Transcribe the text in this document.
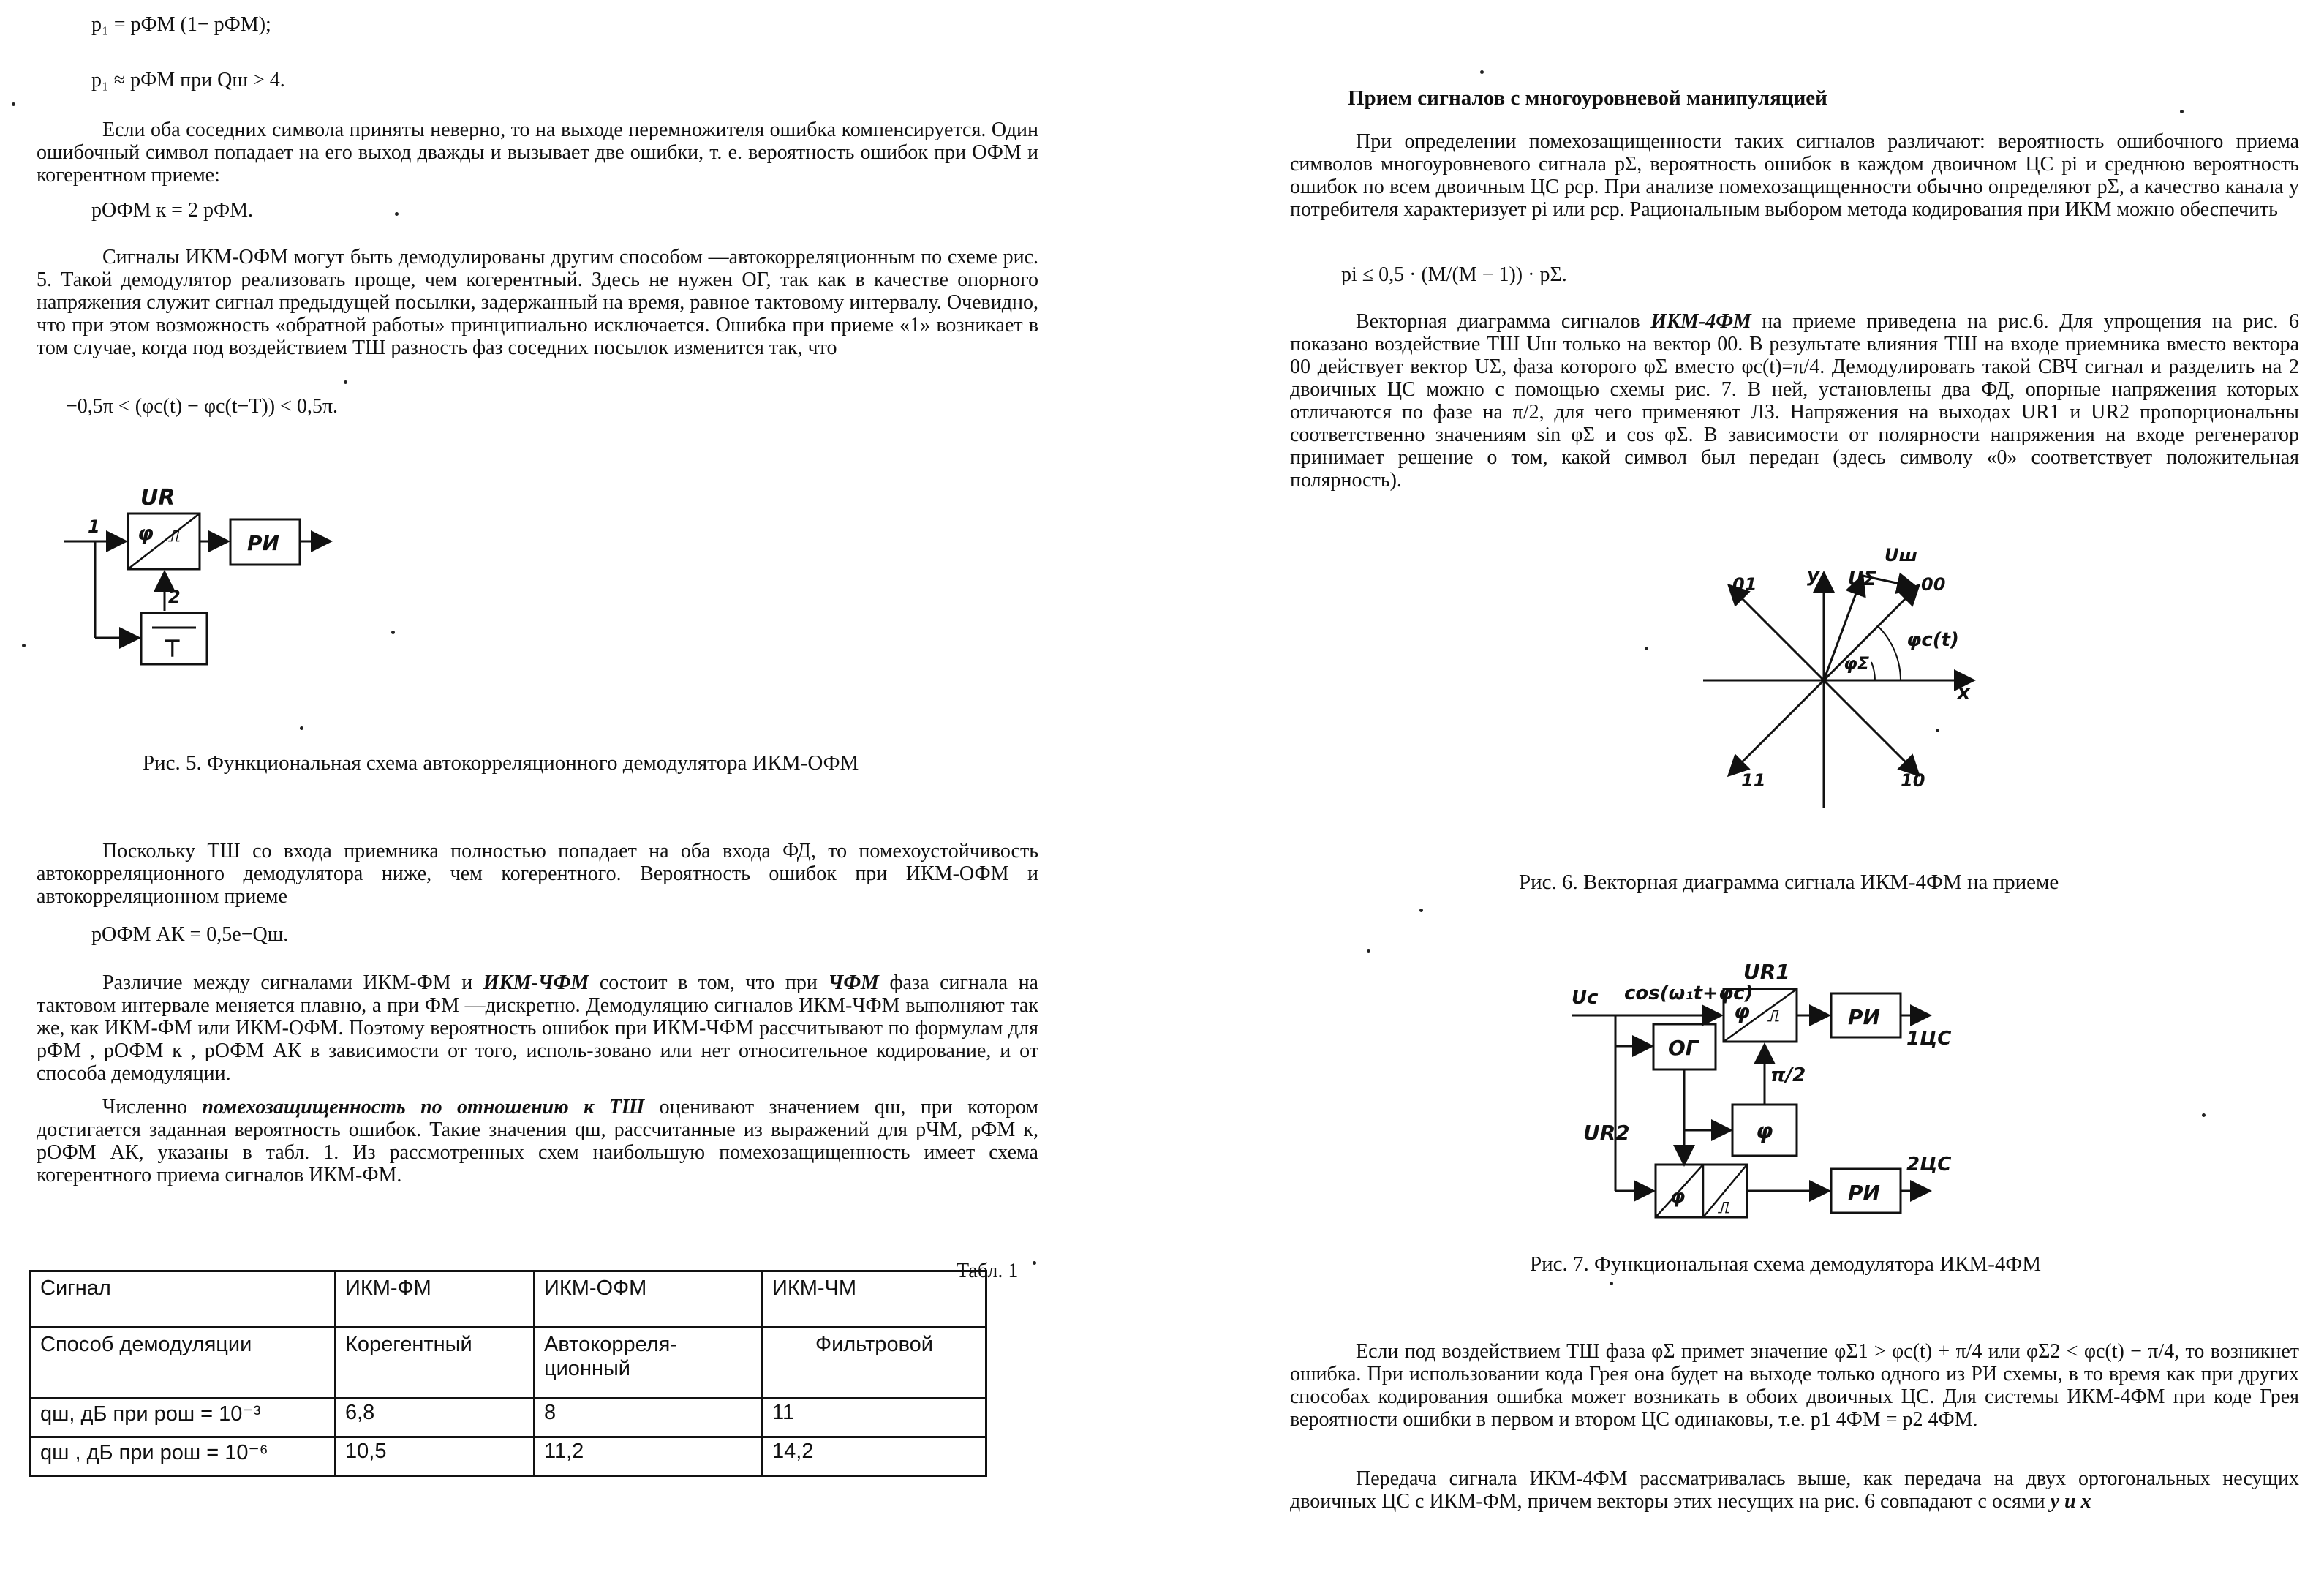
p₁ = pФМ (1− pФМ);

p₁ ≈ pФМ при Qш > 4.

Если оба соседних символа приняты неверно, то на выходе перемножителя ошибка компенсируется. Один ошибочный символ попадает на его выход дважды и вызывает две ошибки, т. е. вероятность ошибок при ОФМ и когерентном приеме:

pОФМ к = 2 pФМ.

Сигналы ИКМ-ОФМ могут быть демодулированы другим способом —автокорреляционным по схеме рис. 5. Такой демодулятор реализовать проще, чем когерентный. Здесь не нужен ОГ, так как в качестве опорного напряжения служит сигнал предыдущей посылки, задержанный на время, равное тактовому интервалу. Очевидно, что при этом возможность «обратной работы» принципиально исключается. Ошибка при приеме «1» возникает в том случае, когда под воздействием ТШ разность фаз соседних посылок изменится так, что

−0,5π < (φc(t) − φc(t−T)) < 0,5π.

UR
1 φ ⎍	РИ
2
T

Рис. 5. Функциональная схема автокорреляционного демодулятора ИКМ-ОФМ

Поскольку ТШ со входа приемника полностью попадает на оба входа ФД, то помехоустойчивость автокорреляционного демодулятора ниже, чем когерентного. Вероятность ошибок при ИКМ-ОФМ и автокорреляционном приеме

pОФМ АК = 0,5e−Qш.

Различие между сигналами ИКМ-ФМ и ИКМ-ЧФМ состоит в том, что при ЧФМ фаза сигнала на тактовом интервале меняется плавно, а при ФМ —дискретно. Демодуляцию сигналов ИКМ-ЧФМ выполняют так же, как ИКМ-ФМ или ИКМ-ОФМ. Поэтому вероятность ошибок при ИКМ-ЧФМ рассчитывают по формулам для pФМ , pОФМ к , pОФМ АК в зависимости от того, исполь-зовано или нет относительное кодирование, и от способа демодуляции.

Численно помехозащищенность по отношению к ТШ оценивают значением qш, при котором достигается заданная вероятность ошибок. Такие значения qш, рассчитанные из выражений для pЧМ, pФМ к, pОФМ АК, указаны в табл. 1. Из рассмотренных схем наибольшую помехозащищенность имеет схема когерентного приема сигналов ИКМ-ФМ.

Табл. 1
Сигнал	ИКМ-ФМ	ИКМ-ОФМ	ИКМ-ЧМ
Способ демодуляции	Корегентный	Автокорреля-ционный	Фильтровой
qш, дБ при pош = 10⁻³	6,8	8	11
qш , дБ при pош = 10⁻⁶	10,5	11,2	14,2

Прием сигналов с многоуровневой манипуляцией

При определении помехозащищенности таких сигналов различают: вероятность ошибочного приема символов многоуровневого сигнала pΣ, вероятность ошибок в каждом двоичном ЦС pi и среднюю вероятность ошибок по всем двоичным ЦС pср. При анализе помехозащищенности обычно определяют pΣ, а качество канала у потребителя характеризует pi или pср. Рациональным выбором метода кодирования при ИКМ можно обеспечить

pi ≤ 0,5 · (M/(M − 1)) · pΣ.

Векторная диаграмма сигналов ИКМ-4ФМ на приеме приведена на рис.6. Для упрощения на рис. 6 показано воздействие ТШ Uш только на вектор 00. В результате влияния ТШ на входе приемника вместо вектора 00 действует вектор UΣ, фаза которого φΣ вместо φc(t)=π/4. Демодулировать такой СВЧ сигнал и разделить на 2 двоичных ЦС можно с помощью схемы рис. 7. В ней, установлены два ФД, опорные напряжения которых отличаются по фазе на π/2, для чего применяют ЛЗ. Напряжения на выходах UR1 и UR2 пропорциональны соответственно значениям sin φΣ и cos φΣ. В зависимости от полярности напряжения на входе регенератор принимает решение о том, какой символ был передан (здесь символу «0» соответствует положительная полярность).

y
x
UΣ
Uш
00
01
11	10
φc(t)
φΣ

Рис. 6. Векторная диаграмма сигнала ИКМ-4ФМ на приеме

Uc cos(ω₁t+φc)
UR1
UR2
φ ⎍	РИ
1ЦС
ОГ
φ
π/2
φ
⎍
РИ
2ЦС

Рис. 7. Функциональная схема демодулятора ИКМ-4ФМ

Если под воздействием ТШ фаза φΣ примет значение φΣ1 > φc(t) + π/4 или φΣ2 < φc(t) − π/4, то возникнет ошибка. При использовании кода Грея она будет на выходе только одного из РИ схемы, в то время как при других способах кодирования ошибка может возникать в обоих двоичных ЦС. Для системы ИКМ-4ФМ при коде Грея вероятности ошибки в первом и втором ЦС одинаковы, т.е. p1 4ФМ = p2 4ФМ.

Передача сигнала ИКМ-4ФМ рассматривалась выше, как передача на двух ортогональных несущих двоичных ЦС с ИКМ-ФМ, причем векторы этих несущих на рис. 6 совпадают с осями y и x
